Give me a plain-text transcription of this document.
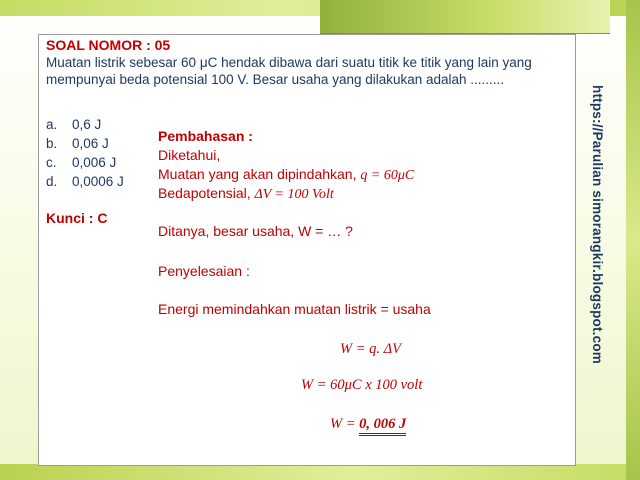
SOAL NOMOR : 05

Muatan listrik sebesar 60 μC hendak dibawa dari suatu titik ke titik yang lain yang mempunyai beda potensial 100 V. Besar usaha yang dilakukan adalah .........

a.	0,6 J
b.	0,06 J
c.	0,006 J
d.	0,0006 J

Kunci : C

Pembahasan :

Diketahui,

Muatan yang akan dipindahkan, q = 60μC

Bedapotensial, ΔV = 100 Volt

Ditanya, besar usaha, W = … ?

Penyelesaian :

Energi memindahkan muatan listrik = usaha

W = q. ΔV

W = 60μC x 100 volt

W = 0, 006 J

https://Parulian simorangkir.blogspot.com
